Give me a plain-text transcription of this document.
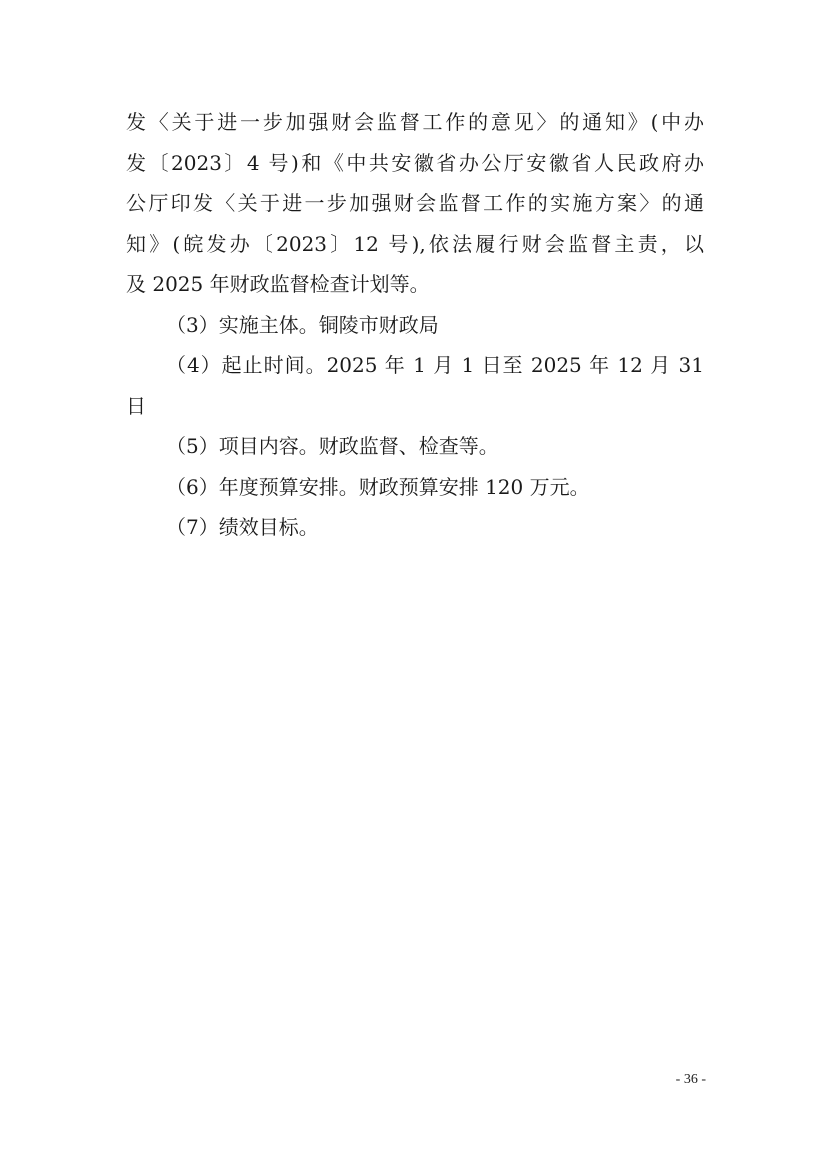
发〈关于进一步加强财会监督工作的意见〉的通知》(中办
发〔2023〕4 号)和《中共安徽省办公厅安徽省人民政府办
公厅印发〈关于进一步加强财会监督工作的实施方案〉的通
知》(皖发办〔2023〕12 号),依法履行财会监督主责，以
及 2025 年财政监督检查计划等。
（3）实施主体。铜陵市财政局
（4）起止时间。2025 年 1 月 1 日至 2025 年 12 月 31
日
（5）项目内容。财政监督、检查等。
（6）年度预算安排。财政预算安排 120 万元。
（7）绩效目标。
- 36 -
